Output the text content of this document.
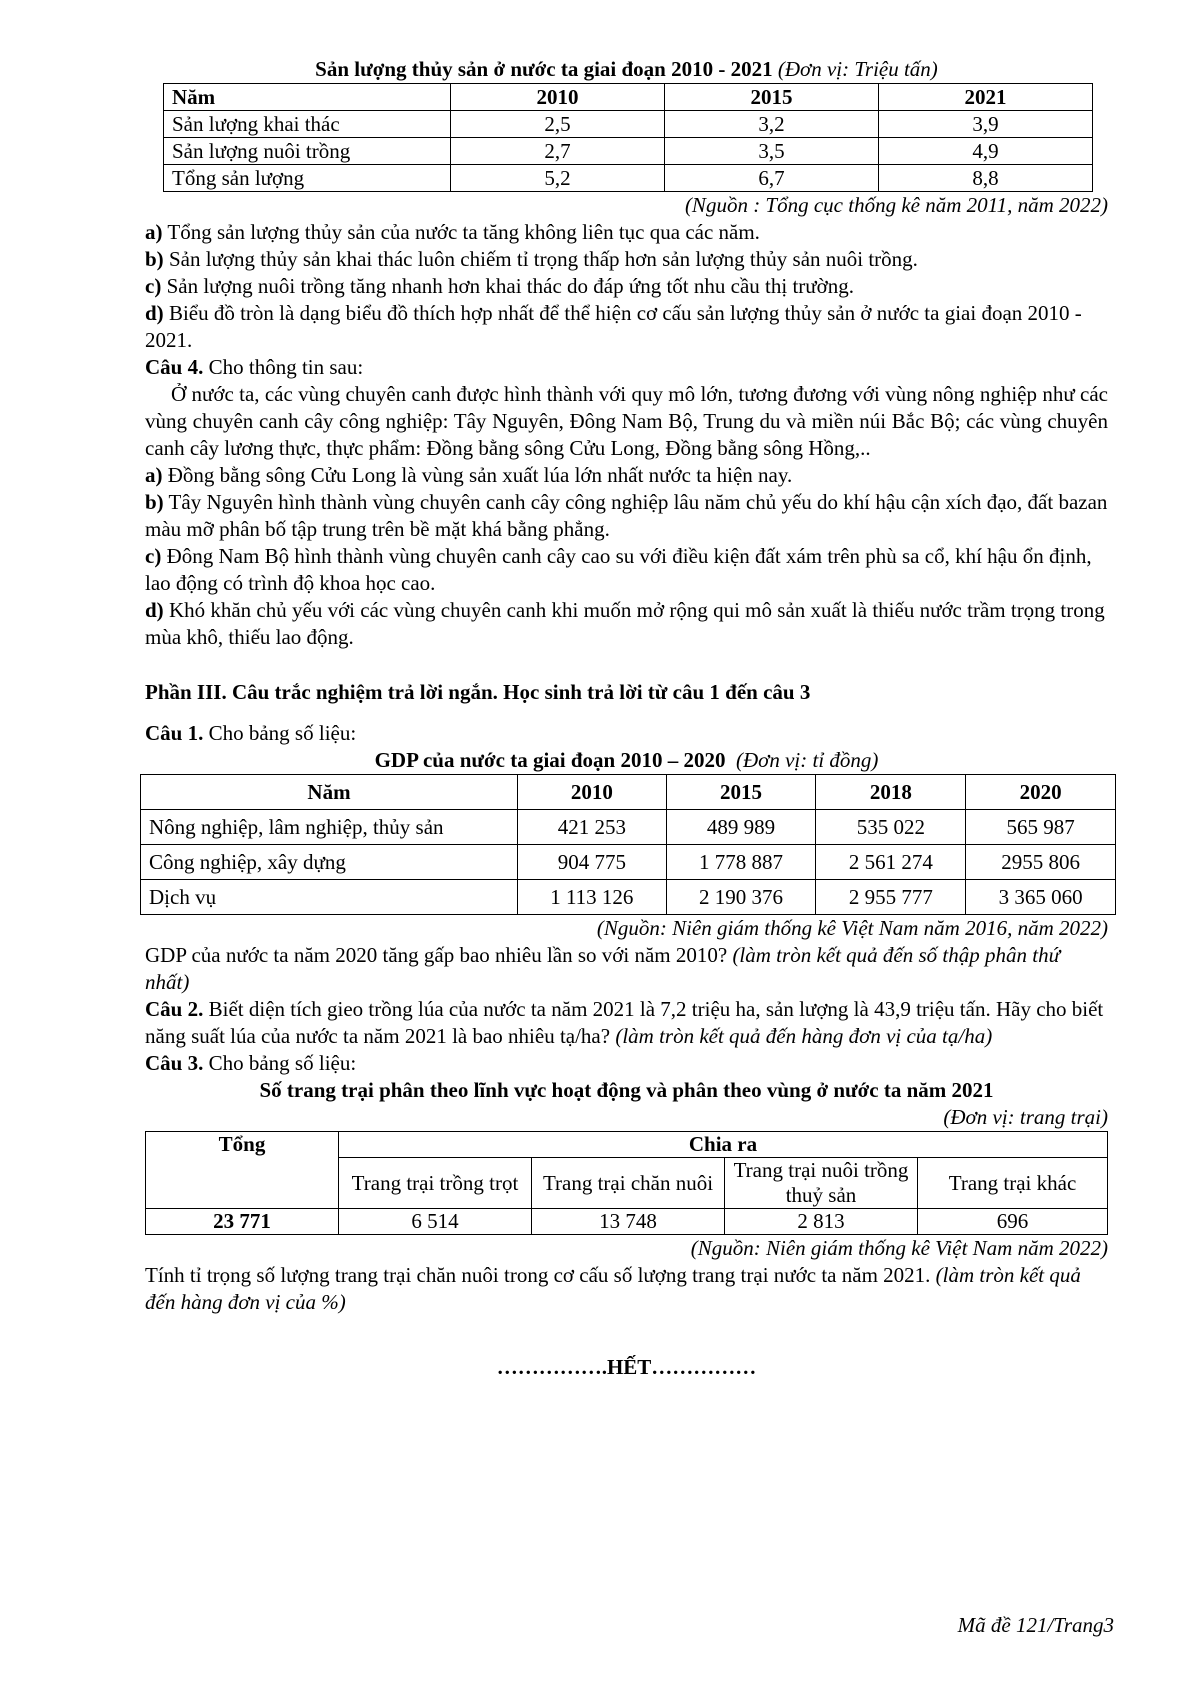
Sản lượng thủy sản ở nước ta giai đoạn 2010 - 2021 (Đơn vị: Triệu tấn)

Năm	2010	2015	2021
Sản lượng khai thác	2,5	3,2	3,9
Sản lượng nuôi trồng	2,7	3,5	4,9
Tổng sản lượng	5,2	6,7	8,8

(Nguồn : Tổng cục thống kê năm 2011, năm 2022)

a) Tổng sản lượng thủy sản của nước ta tăng không liên tục qua các năm.

b) Sản lượng thủy sản khai thác luôn chiếm tỉ trọng thấp hơn sản lượng thủy sản nuôi trồng.

c) Sản lượng nuôi trồng tăng nhanh hơn khai thác do đáp ứng tốt nhu cầu thị trường.

d) Biểu đồ tròn là dạng biểu đồ thích hợp nhất để thể hiện cơ cấu sản lượng thủy sản ở nước ta giai đoạn 2010 - 2021.

Câu 4. Cho thông tin sau:

Ở nước ta, các vùng chuyên canh được hình thành với quy mô lớn, tương đương với vùng nông nghiệp như các vùng chuyên canh cây công nghiệp: Tây Nguyên, Đông Nam Bộ, Trung du và miền núi Bắc Bộ; các vùng chuyên canh cây lương thực, thực phẩm: Đồng bằng sông Cửu Long, Đồng bằng sông Hồng,..

a) Đồng bằng sông Cửu Long là vùng sản xuất lúa lớn nhất nước ta hiện nay.

b) Tây Nguyên hình thành vùng chuyên canh cây công nghiệp lâu năm chủ yếu do khí hậu cận xích đạo, đất bazan màu mỡ phân bố tập trung trên bề mặt khá bằng phẳng.

c) Đông Nam Bộ hình thành vùng chuyên canh cây cao su với điều kiện đất xám trên phù sa cổ, khí hậu ổn định, lao động có trình độ khoa học cao.

d) Khó khăn chủ yếu với các vùng chuyên canh khi muốn mở rộng qui mô sản xuất là thiếu nước trầm trọng trong mùa khô, thiếu lao động.

Phần III. Câu trắc nghiệm trả lời ngắn. Học sinh trả lời từ câu 1 đến câu 3

Câu 1. Cho bảng số liệu:

GDP của nước ta giai đoạn 2010 – 2020 (Đơn vị: tỉ đồng)

Năm	2010	2015	2018	2020
Nông nghiệp, lâm nghiệp, thủy sản	421 253	489 989	535 022	565 987
Công nghiệp, xây dựng	904 775	1 778 887	2 561 274	2955 806
Dịch vụ	1 113 126	2 190 376	2 955 777	3 365 060

(Nguồn: Niên giám thống kê Việt Nam năm 2016, năm 2022)

GDP của nước ta năm 2020 tăng gấp bao nhiêu lần so với năm 2010? (làm tròn kết quả đến số thập phân thứ nhất)

Câu 2. Biết diện tích gieo trồng lúa của nước ta năm 2021 là 7,2 triệu ha, sản lượng là 43,9 triệu tấn. Hãy cho biết năng suất lúa của nước ta năm 2021 là bao nhiêu tạ/ha? (làm tròn kết quả đến hàng đơn vị của tạ/ha)

Câu 3. Cho bảng số liệu:

Số trang trại phân theo lĩnh vực hoạt động và phân theo vùng ở nước ta năm 2021

(Đơn vị: trang trại)

Tổng	Chia ra			
	Trang trại trồng trọt	Trang trại chăn nuôi	Trang trại nuôi trồng thuỷ sản	Trang trại khác
23 771	6 514	13 748	2 813	696

(Nguồn: Niên giám thống kê Việt Nam năm 2022)

Tính tỉ trọng số lượng trang trại chăn nuôi trong cơ cấu số lượng trang trại nước ta năm 2021. (làm tròn kết quả đến hàng đơn vị của %)

…………….HẾT……………

Mã đề 121/Trang3
